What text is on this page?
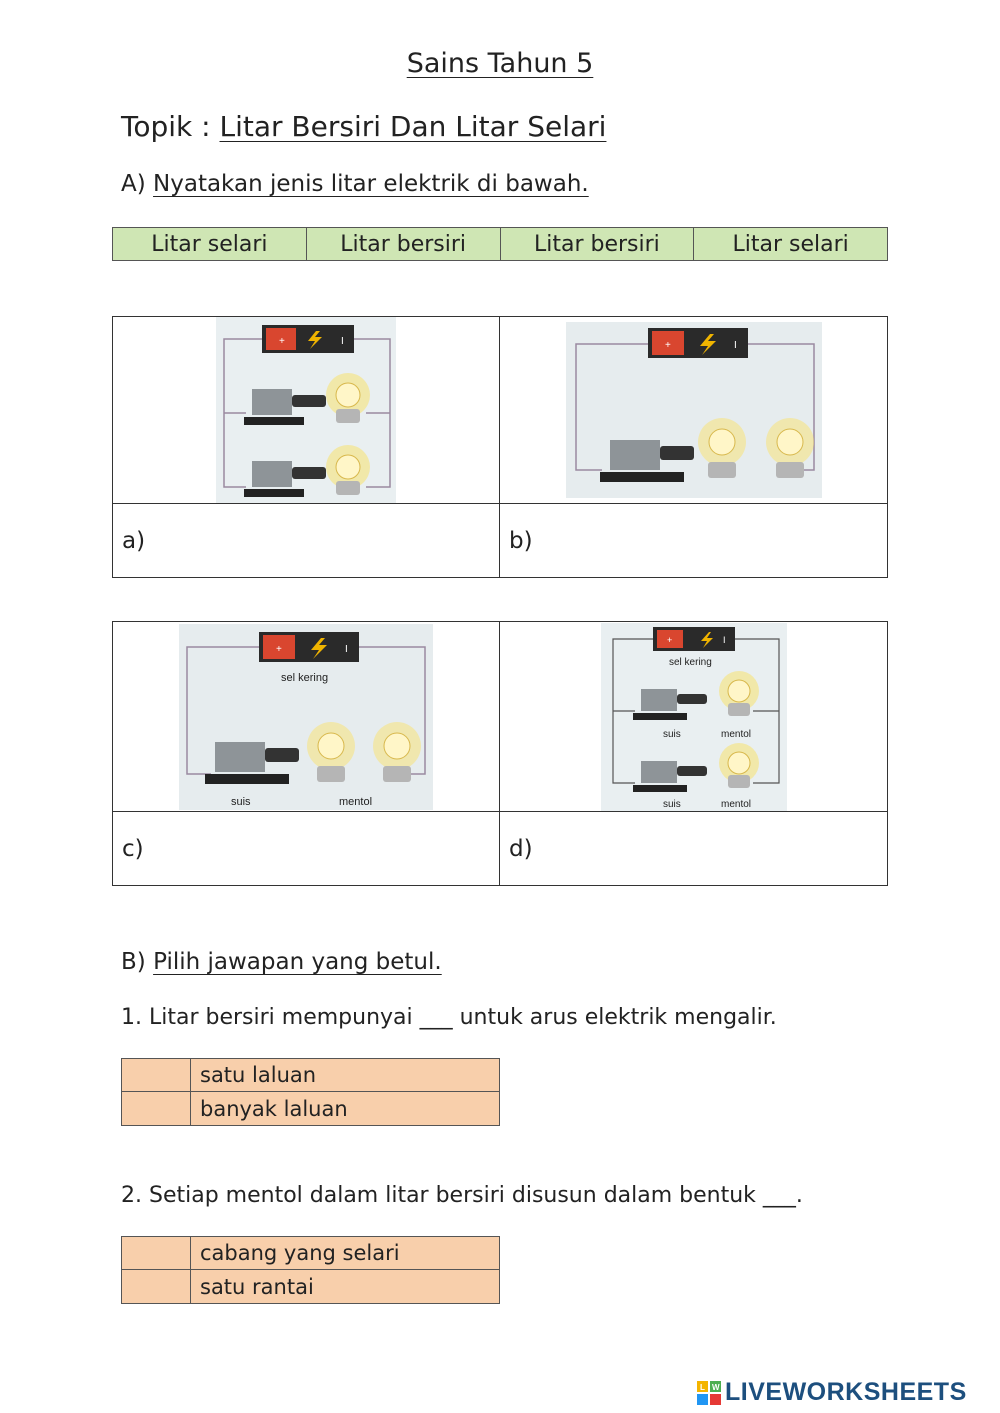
Sains Tahun 5
Topik : Litar Bersiri Dan Litar Selari
A) Nyatakan jenis litar elektrik di bawah.
Litar selari	Litar bersiri	Litar bersiri	Litar selari
+	I	+	I
a)	b)
+	I
sel kering
suis	mentol
+	I
sel kering
suis	mentol
suis	mentol
c)	d)
B) Pilih jawapan yang betul.
1. Litar bersiri mempunyai ___ untuk arus elektrik mengalir.
satu laluan
banyak laluan
2. Setiap mentol dalam litar bersiri disusun dalam bentuk ___.
cabang yang selari
satu rantai
L W LIVEWORKSHEETS
